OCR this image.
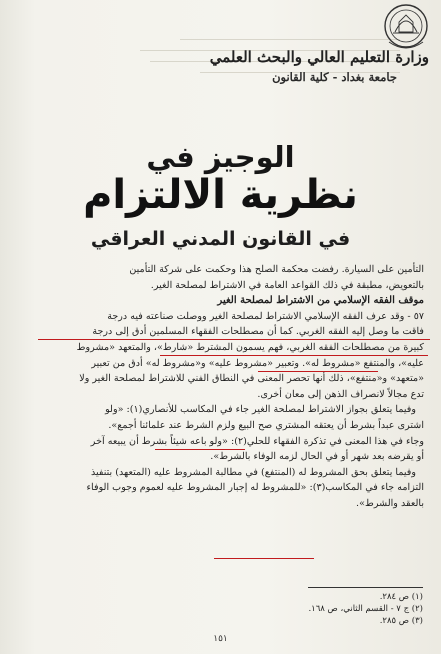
وزارة التعليم العالي والبحث العلمي
جامعة بغداد - كلية القانون
الوجيز في
نظرية الالتزام
في القانون المدني العراقي
التأمين على السيارة. رفضت محكمة الصلح هذا وحكمت على شركة التأمين
بالتعويض، مطبقة في ذلك القواعد العامة في الاشتراط لمصلحة الغير.
موقف الفقه الإسلامي من الاشتراط لمصلحة الغير
٥٧ - وقد عرف الفقه الإسلامي الاشتراط لمصلحة الغير ووصلت صناعته فيه درجة
فاقت ما وصل إليه الفقه الغربي. كما أن مصطلحات الفقهاء المسلمين أدق إلى درجة
كبيرة من مصطلحات الفقه الغربي، فهم يسمون المشترط «شارط»، والمتعهد «مشروط
عليه»، والمنتفع «مشروط له». وتعبير «مشروط عليه» و«مشروط له» أدق من تعبير
«متعهد» و«منتفع»، ذلك أنها تحصر المعنى في النطاق الفني للاشتراط لمصلحة الغير ولا
تدع مجالاً لانصراف الذهن إلى معان أخرى.
وفيما يتعلق بجواز الاشتراط لمصلحة الغير جاء في المكاسب للأنصاري(١): «ولو
اشترى عبداً بشرط أن يعتقه المشتري صح البيع ولزم الشرط عند علمائنا أجمع».
وجاء في هذا المعنى في تذكرة الفقهاء للحلي(٢): «ولو باعه شيئاً بشرط أن يبيعه آخر
أو يقرضه بعد شهر أو في الحال لزمه الوفاء بالشرط».
وفيما يتعلق بحق المشروط له (المنتفع) في مطالبة المشروط عليه (المتعهد) بتنفيذ
التزامه جاء في المكاسب(٣): «للمشروط له إجبار المشروط عليه لعموم وجوب الوفاء
بالعقد والشرط».
(١) ص ٢٨٤.
(٢) ج ٧ - القسم الثاني، ص ١٦٨.
(٣) ص ٢٨٥.
١٥١
